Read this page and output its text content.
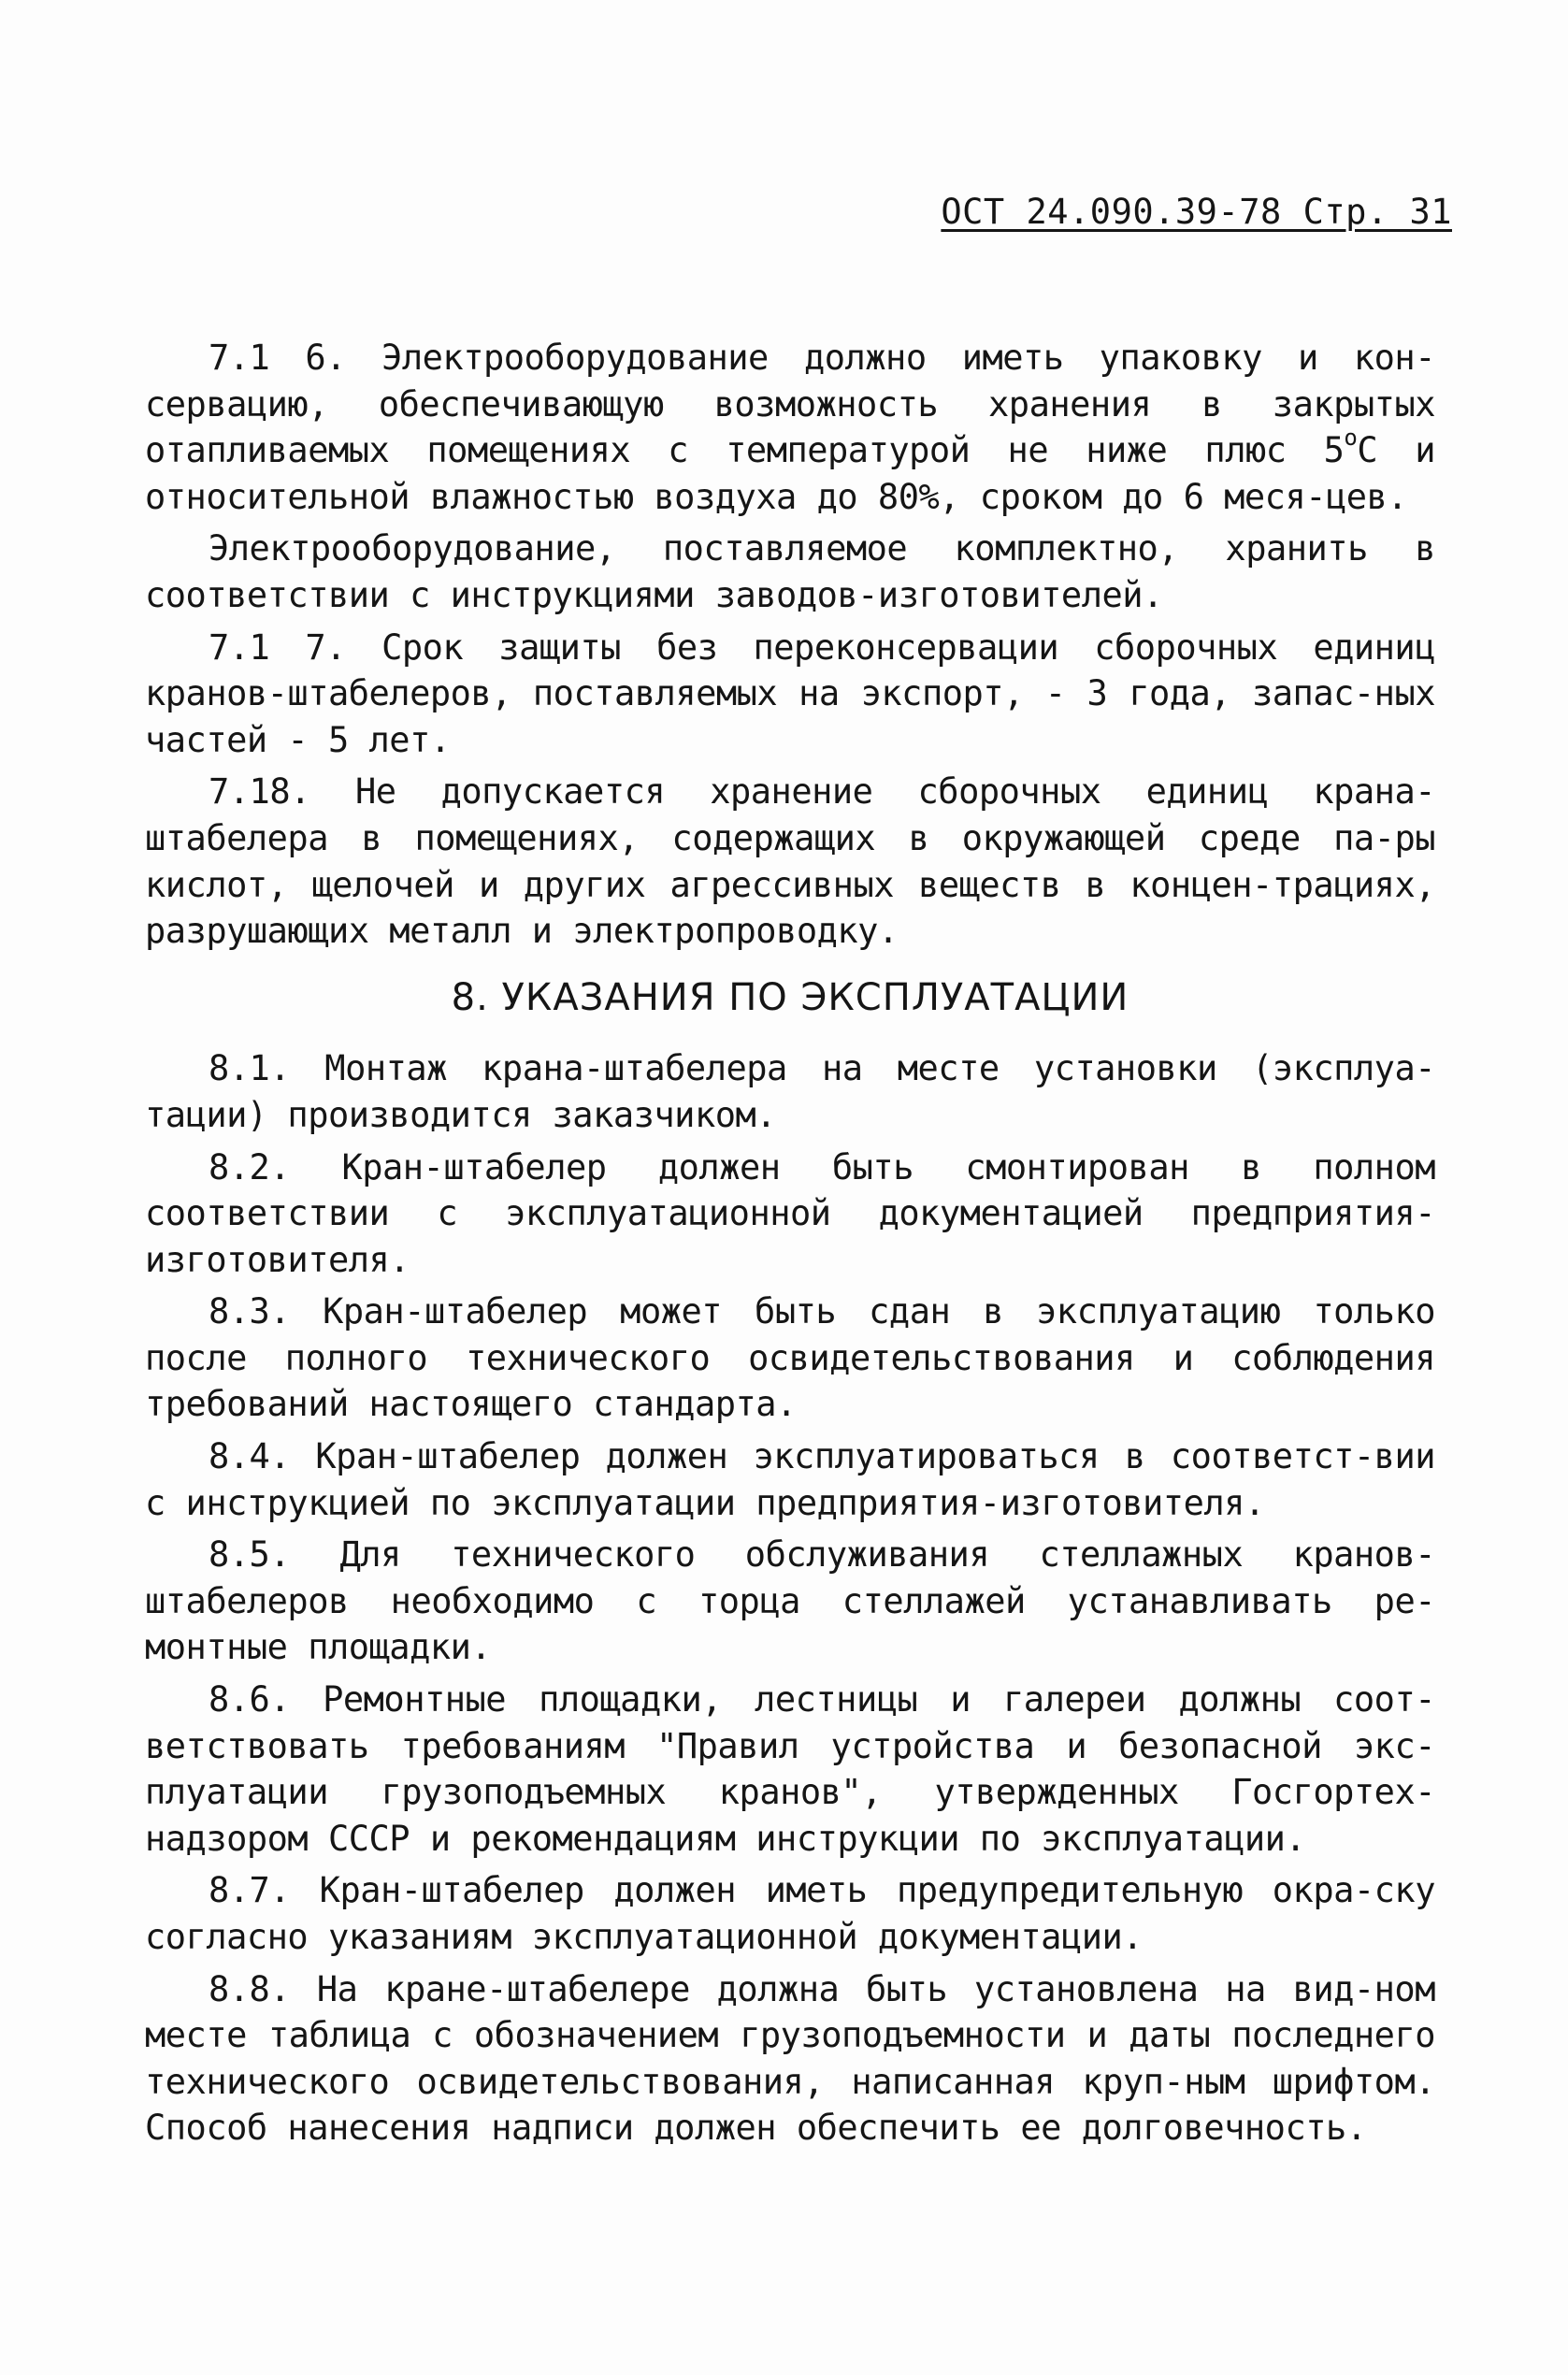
ОСТ 24.090.39-78 Стр. 31

7.1 6. Электрооборудование должно иметь упаковку и кон-сервацию, обеспечивающую возможность хранения в закрытых отапливаемых помещениях с температурой не ниже плюс $5^оС$ и относительной влажностью воздуха до 80%, сроком до 6 меся-цев.

Электрооборудование, поставляемое комплектно, хранить в соответствии с инструкциями заводов-изготовителей.

7.1 7. Срок защиты без переконсервации сборочных единиц кранов-штабелеров, поставляемых на экспорт, - 3 года, запас-ных частей - 5 лет.

7.18. Не допускается хранение сборочных единиц крана-штабелера в помещениях, содержащих в окружающей среде па-ры кислот, щелочей и других агрессивных веществ в концен-трациях, разрушающих металл и электропроводку.

8. УКАЗАНИЯ ПО ЭКСПЛУАТАЦИИ

8.1. Монтаж крана-штабелера на месте установки (эксплуа-тации) производится заказчиком.

8.2. Кран-штабелер должен быть смонтирован в полном соответствии с эксплуатационной документацией предприятия-изготовителя.

8.3. Кран-штабелер может быть сдан в эксплуатацию только после полного технического освидетельствования и соблюдения требований настоящего стандарта.

8.4. Кран-штабелер должен эксплуатироваться в соответст-вии с инструкцией по эксплуатации предприятия-изготовителя.

8.5. Для технического обслуживания стеллажных кранов-штабелеров необходимо с торца стеллажей устанавливать ре-монтные площадки.

8.6. Ремонтные площадки, лестницы и галереи должны соот-ветствовать требованиям "Правил устройства и безопасной экс-плуатации грузоподъемных кранов", утвержденных Госгортех-надзором СССР и рекомендациям инструкции по эксплуатации.

8.7. Кран-штабелер должен иметь предупредительную окра-ску согласно указаниям эксплуатационной документации.

8.8. На кране-штабелере должна быть установлена на вид-ном месте таблица с обозначением грузоподъемности и даты последнего технического освидетельствования, написанная круп-ным шрифтом. Способ нанесения надписи должен обеспечить ее долговечность.
